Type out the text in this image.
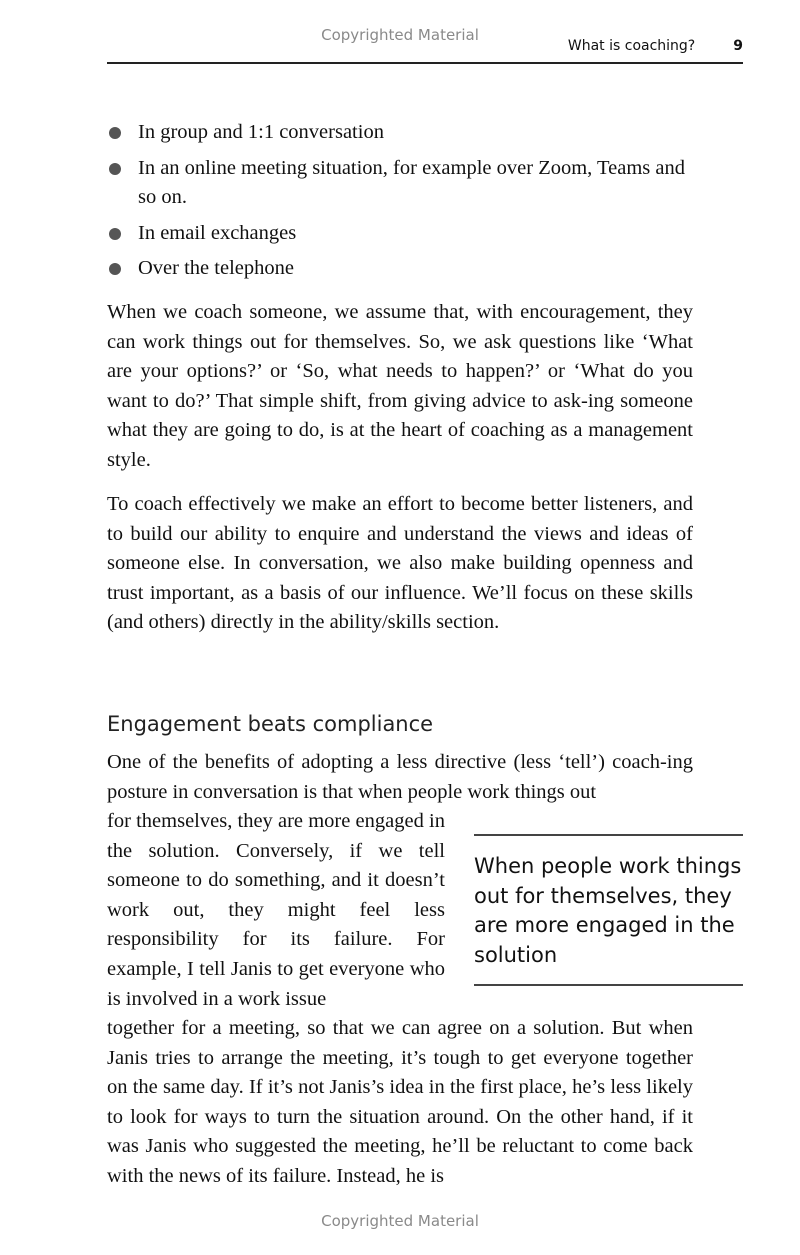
Copyrighted Material
What is coaching?	9
In group and 1:1 conversation
In an online meeting situation, for example over Zoom, Teams and so on.
In email exchanges
Over the telephone

When we coach someone, we assume that, with encouragement, they can work things out for themselves. So, we ask questions like ‘What are your options?’ or ‘So, what needs to happen?’ or ‘What do you want to do?’ That simple shift, from giving advice to ask-ing someone what they are going to do, is at the heart of coaching as a management style.

To coach effectively we make an effort to become better listeners, and to build our ability to enquire and understand the views and ideas of someone else. In conversation, we also make building openness and trust important, as a basis of our influence. We’ll focus on these skills (and others) directly in the ability/skills section.

Engagement beats compliance

One of the benefits of adopting a less directive (less ‘tell’) coach-ing posture in conversation is that when people work things out

for themselves, they are more engaged in the solution. Conversely, if we tell someone to do something, and it doesn’t work out, they might feel less responsibility for its failure. For example, I tell Janis to get everyone who is involved in a work issue

When people work things out for themselves, they are more engaged in the solution

together for a meeting, so that we can agree on a solution. But when Janis tries to arrange the meeting, it’s tough to get everyone together on the same day. If it’s not Janis’s idea in the first place, he’s less likely to look for ways to turn the situation around. On the other hand, if it was Janis who suggested the meeting, he’ll be reluctant to come back with the news of its failure. Instead, he is

Copyrighted Material
